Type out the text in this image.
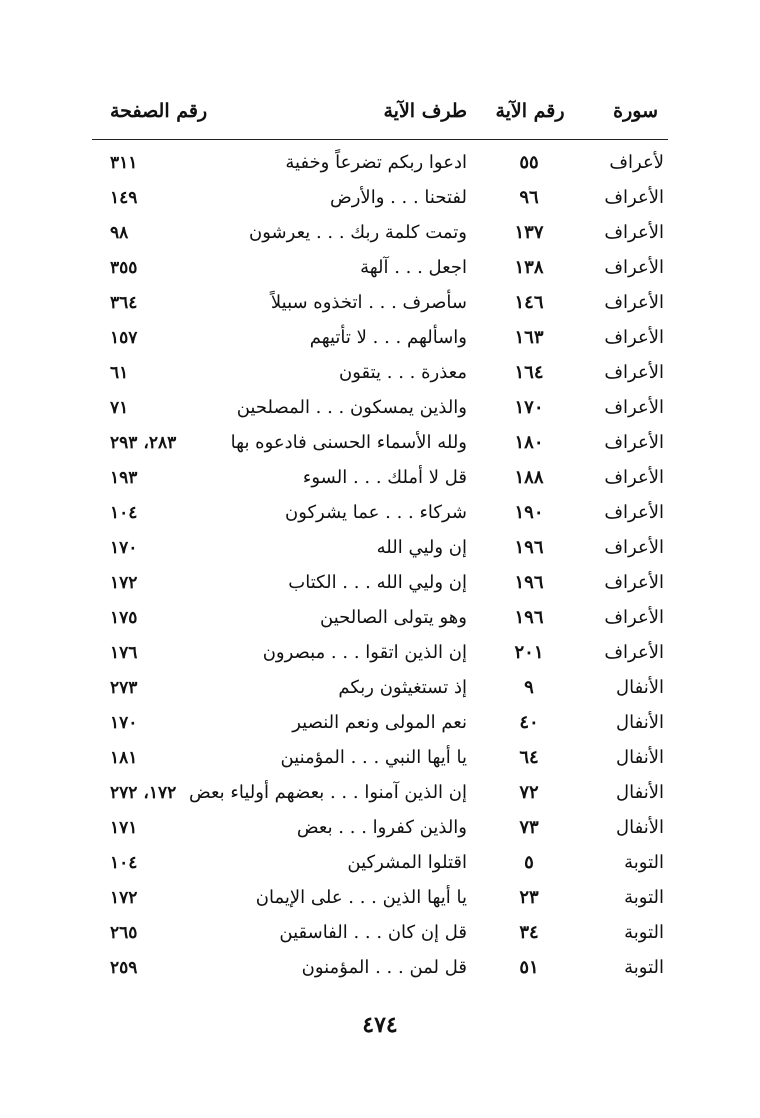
سورة
رقم الآية
طرف الآية
رقم الصفحة
لأعراف
٥٥
ادعوا ربكم تضرعاً وخفية
٣١١
الأعراف
٩٦
لفتحنا . . . والأرض
١٤٩
الأعراف
١٣٧
وتمت كلمة ربك . . . يعرشون
٩٨
الأعراف
١٣٨
اجعل . . . آلهة
٣٥٥
الأعراف
١٤٦
سأصرف . . . اتخذوه سبيلاً
٣٦٤
الأعراف
١٦٣
واسألهم . . . لا تأتيهم
١٥٧
الأعراف
١٦٤
معذرة . . . يتقون
٦١
الأعراف
١٧٠
والذين يمسكون . . . المصلحين
٧١
الأعراف
١٨٠
ولله الأسماء الحسنى فادعوه بها
٢٨٣، ٢٩٣
الأعراف
١٨٨
قل لا أملك . . . السوء
١٩٣
الأعراف
١٩٠
شركاء . . . عما يشركون
١٠٤
الأعراف
١٩٦
إن وليي الله
١٧٠
الأعراف
١٩٦
إن وليي الله . . . الكتاب
١٧٢
الأعراف
١٩٦
وهو يتولى الصالحين
١٧٥
الأعراف
٢٠١
إن الذين اتقوا . . . مبصرون
١٧٦
الأنفال
٩
إذ تستغيثون ربكم
٢٧٣
الأنفال
٤٠
نعم المولى ونعم النصير
١٧٠
الأنفال
٦٤
يا أيها النبي . . . المؤمنين
١٨١
الأنفال
٧٢
إن الذين آمنوا . . . بعضهم أولياء بعض
١٧٢، ٢٧٢
الأنفال
٧٣
والذين كفروا . . . بعض
١٧١
التوبة
٥
اقتلوا المشركين
١٠٤
التوبة
٢٣
يا أيها الذين . . . على الإيمان
١٧٢
التوبة
٣٤
قل إن كان . . . الفاسقين
٢٦٥
التوبة
٥١
قل لمن . . . المؤمنون
٢٥٩
٤٧٤
